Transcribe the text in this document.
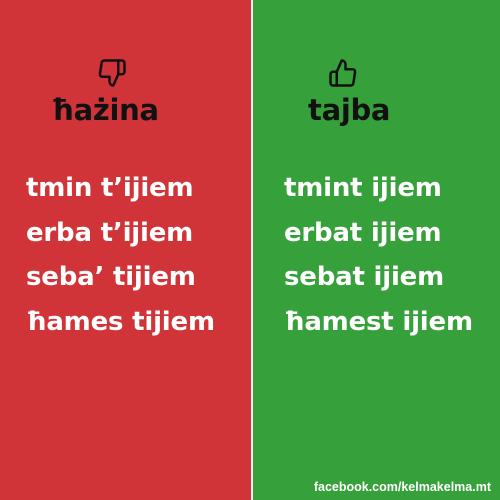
ħażina
tmin t’ijiem
erba t’ijiem
seba’ tijiem
ħames tijiem
tajba
tmint ijiem
erbat ijiem
sebat ijiem
ħamest ijiem
facebook.com/kelmakelma.mt
